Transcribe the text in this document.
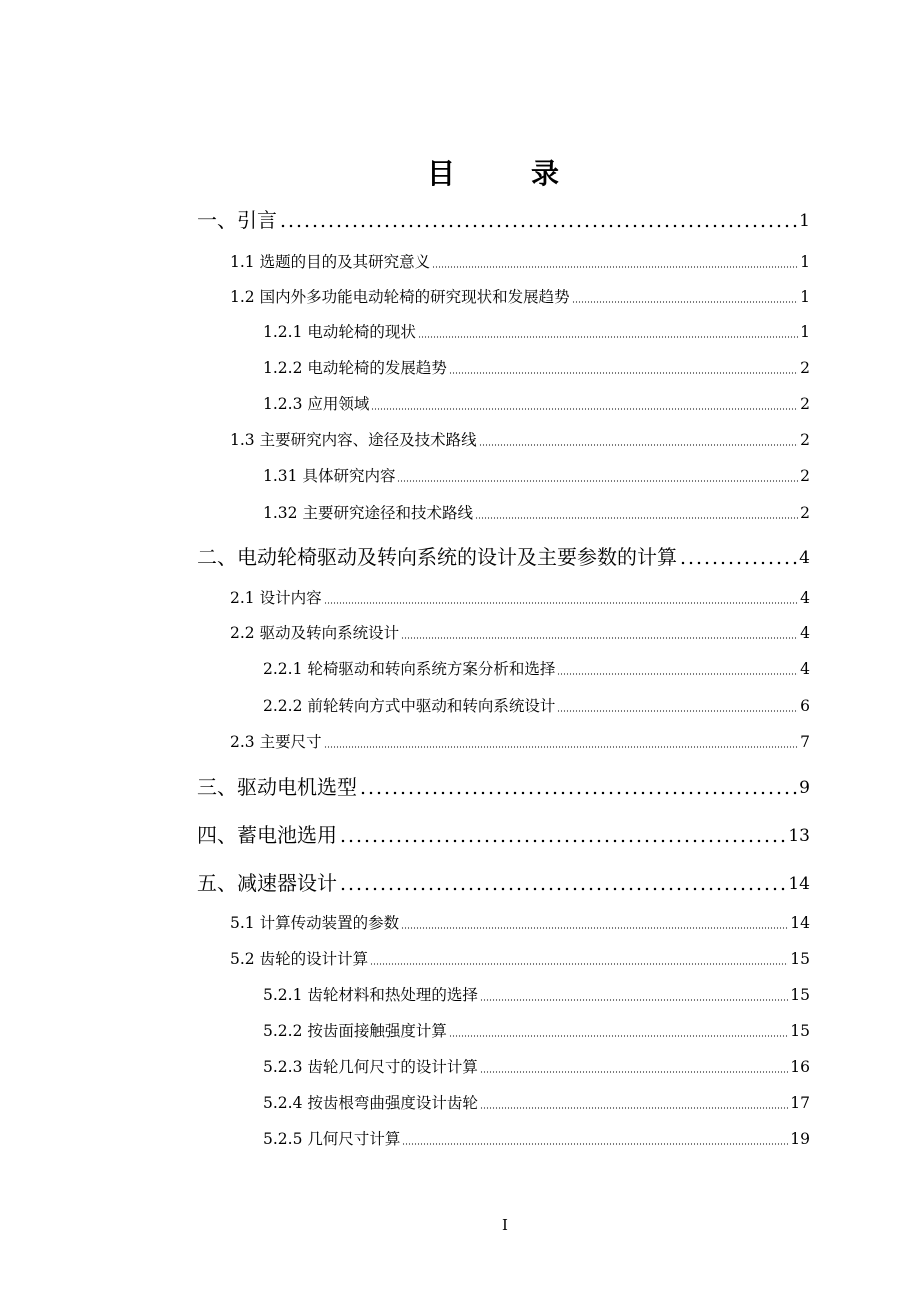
目　录
一、引言	1
1.1 选题的目的及其研究意义	1
1.2 国内外多功能电动轮椅的研究现状和发展趋势	1
1.2.1 电动轮椅的现状	1
1.2.2 电动轮椅的发展趋势	2
1.2.3 应用领域	2
1.3 主要研究内容、途径及技术路线	2
1.31 具体研究内容	2
1.32 主要研究途径和技术路线	2
二、电动轮椅驱动及转向系统的设计及主要参数的计算	4
2.1 设计内容	4
2.2 驱动及转向系统设计	4
2.2.1 轮椅驱动和转向系统方案分析和选择	4
2.2.2 前轮转向方式中驱动和转向系统设计	6
2.3 主要尺寸	7
三、驱动电机选型	9
四、蓄电池选用	13
五、减速器设计	14
5.1 计算传动装置的参数	14
5.2 齿轮的设计计算	15
5.2.1 齿轮材料和热处理的选择	15
5.2.2 按齿面接触强度计算	15
5.2.3 齿轮几何尺寸的设计计算	16
5.2.4 按齿根弯曲强度设计齿轮	17
5.2.5 几何尺寸计算	19
I
